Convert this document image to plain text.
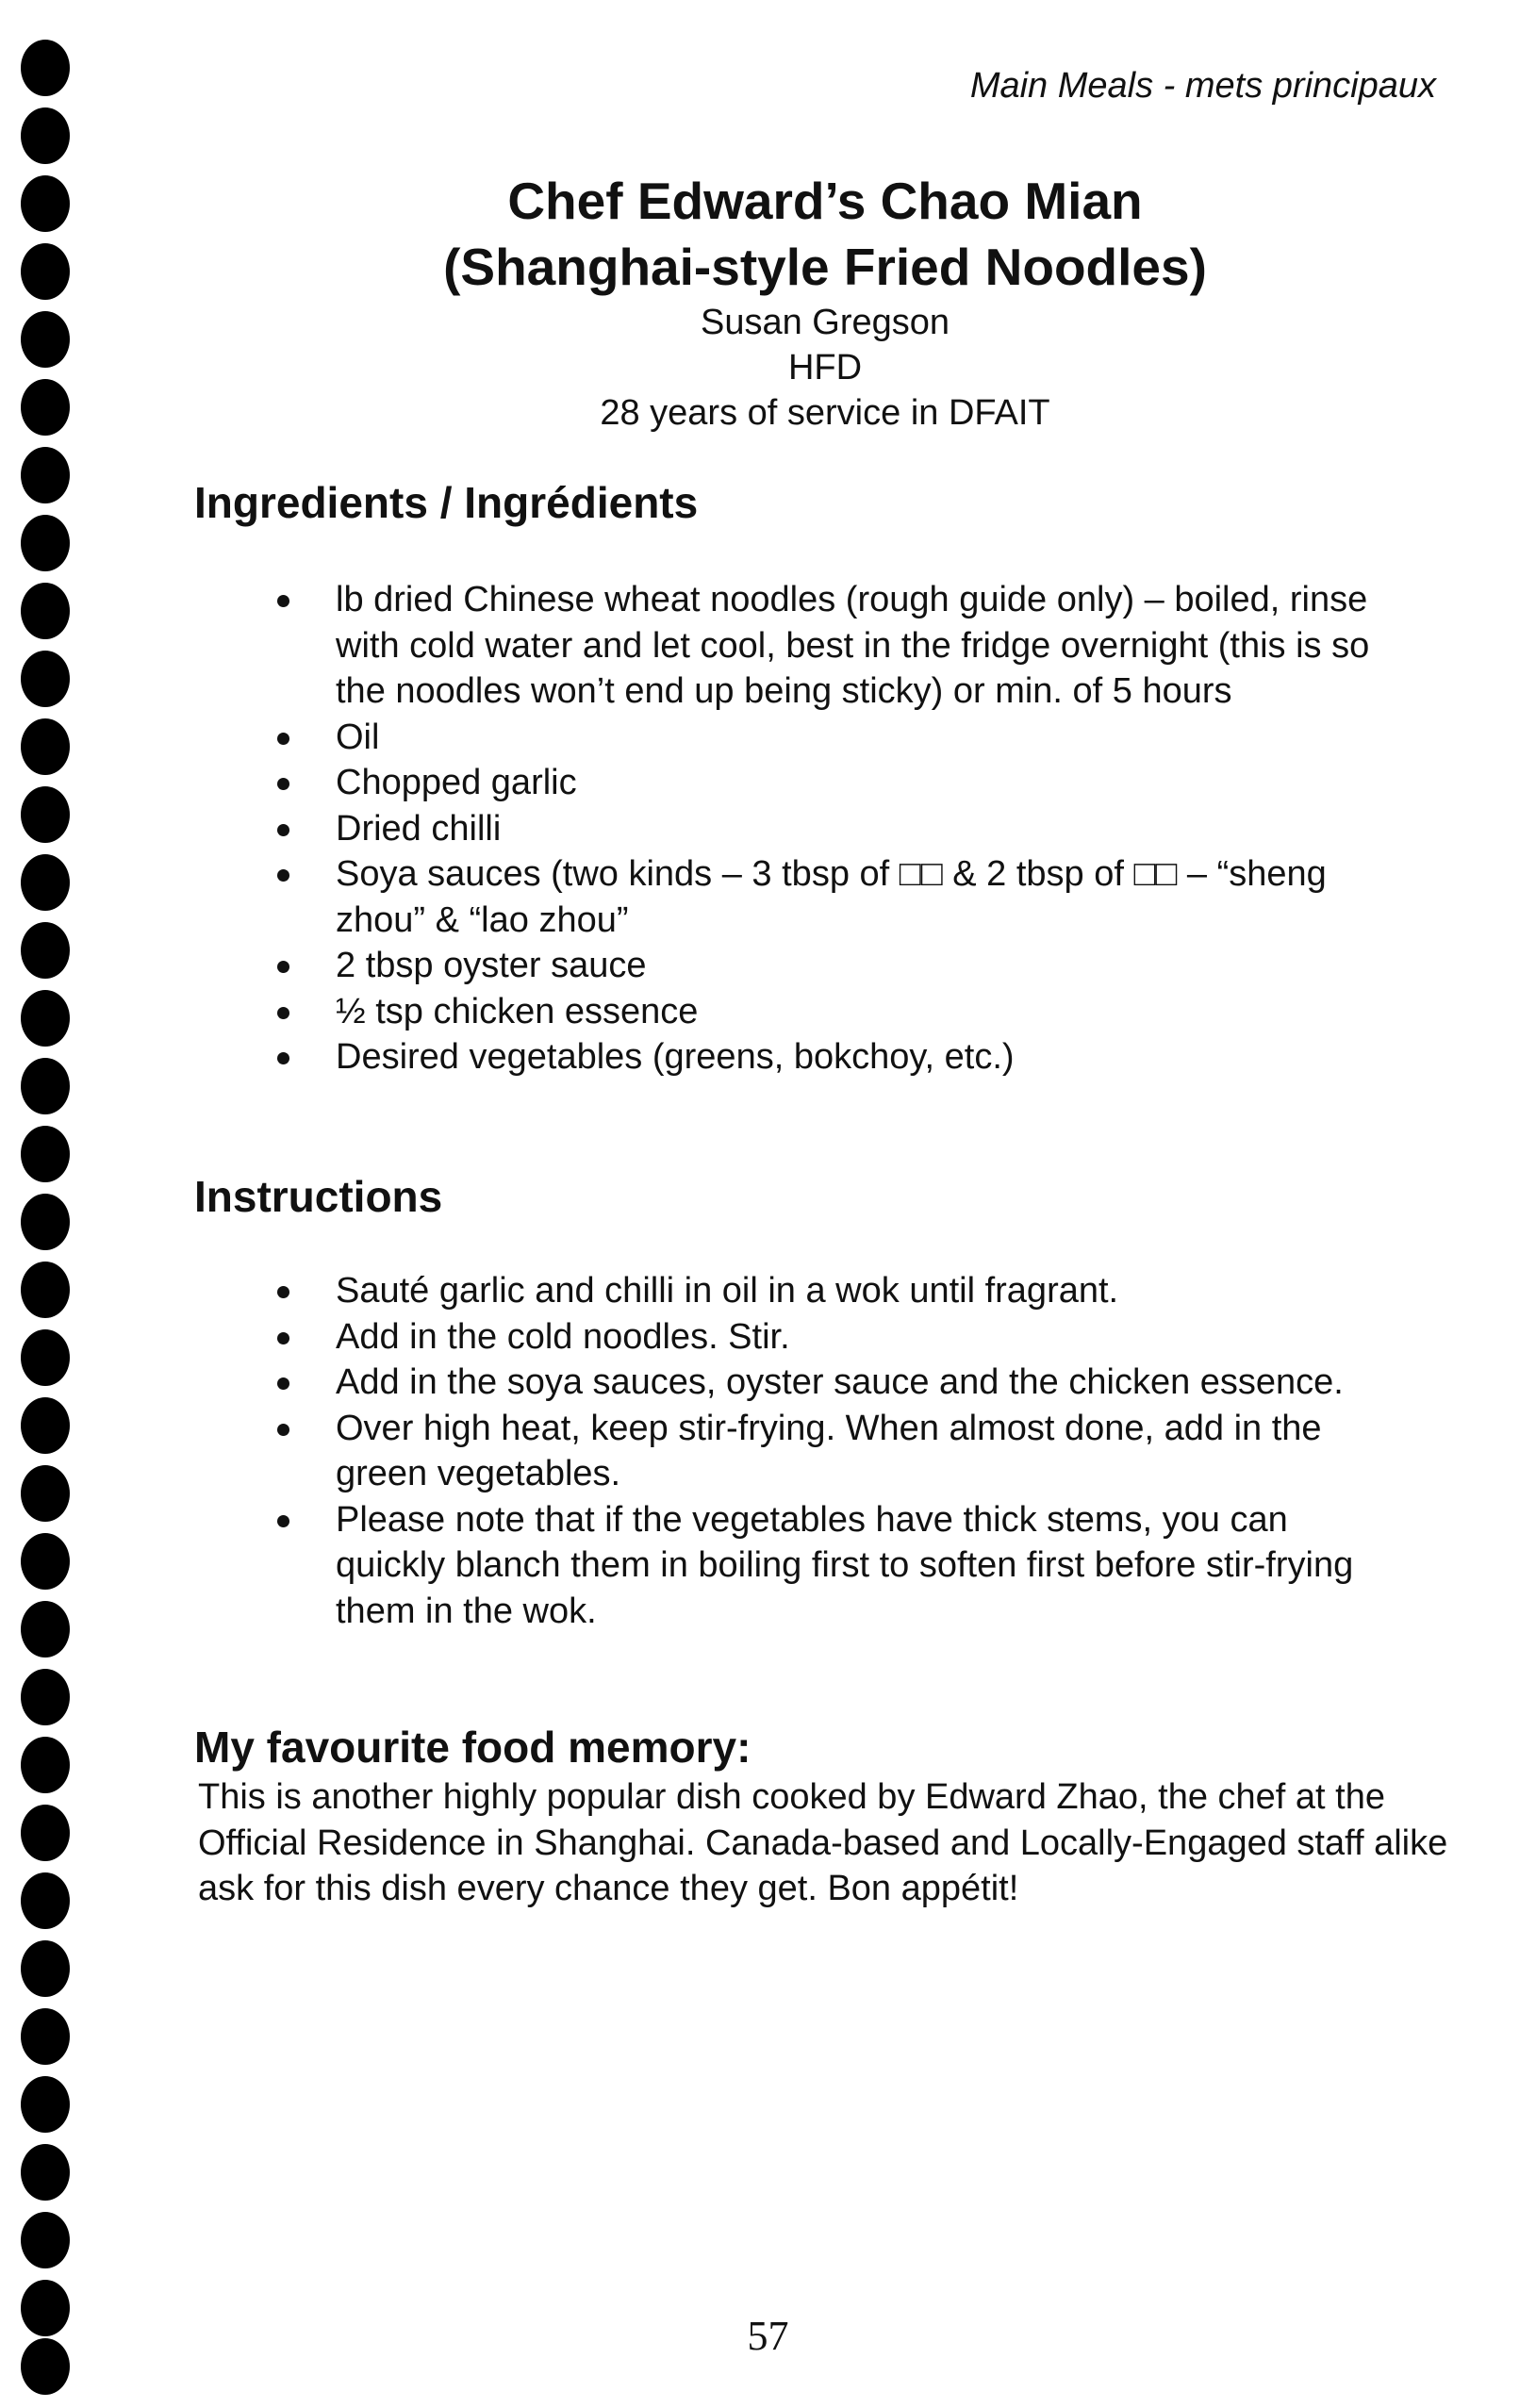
Main Meals - mets principaux
Chef Edward’s Chao Mian
(Shanghai-style Fried Noodles)
Susan Gregson
HFD
28 years of service in DFAIT
Ingredients / Ingrédients
lb dried Chinese wheat noodles (rough guide only) – boiled, rinse with cold water and let cool, best in the fridge overnight (this is so the noodles won’t end up being sticky) or min. of 5 hours
Oil
Chopped garlic
Dried chilli
Soya sauces (two kinds – 3 tbsp of □□ & 2 tbsp of □□ – “sheng zhou” & “lao zhou”
2 tbsp oyster sauce
½ tsp chicken essence
Desired vegetables (greens, bokchoy, etc.)
Instructions
Sauté garlic and chilli in oil in a wok until fragrant.
Add in the cold noodles. Stir.
Add in the soya sauces, oyster sauce and the chicken essence.
Over high heat, keep stir-frying. When almost done, add in the green vegetables.
Please note that if the vegetables have thick stems, you can quickly blanch them in boiling first to soften first before stir-frying them in the wok.
My favourite food memory:
This is another highly popular dish cooked by Edward Zhao, the chef at the Official Residence in Shanghai. Canada-based and Locally-Engaged staff alike ask for this dish every chance they get. Bon appétit!
57
